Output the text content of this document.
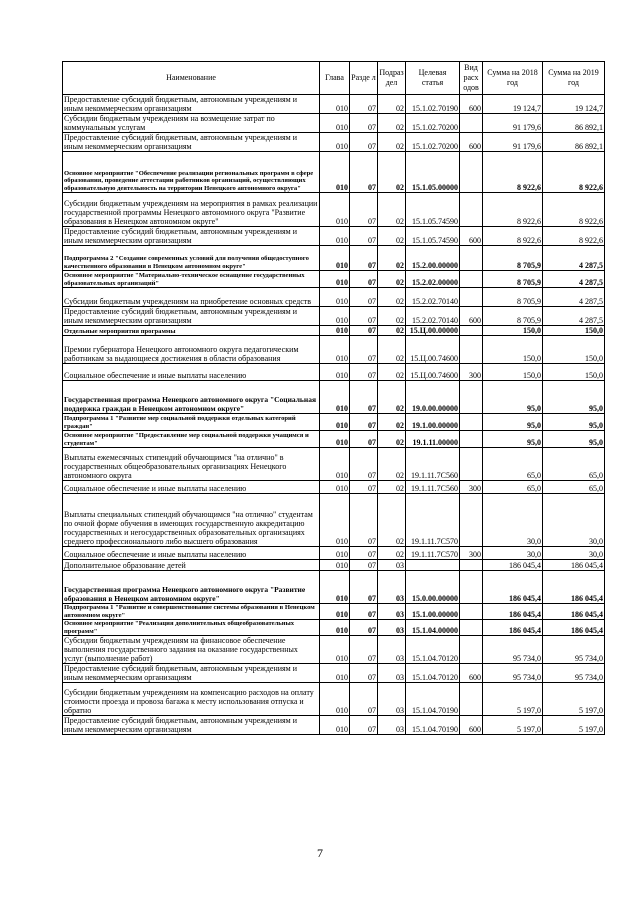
Наименование	Глава	Разде л	Подраз дел	Целевая статья	Вид расх одов	Сумма на 2018 год	Сумма на 2019 год
Предоставление субсидий бюджетным, автономным учреждениям и иным некоммерческим организациям	010	07	02	15.1.02.70190	600	19 124,7	19 124,7
Субсидии бюджетным учреждениям на возмещение затрат по коммунальным услугам	010	07	02	15.1.02.70200		91 179,6	86 892,1
Предоставление субсидий бюджетным, автономным учреждениям и иным некоммерческим организациям	010	07	02	15.1.02.70200	600	91 179,6	86 892,1
Основное мероприятие "Обеспечение реализации региональных программ в сфере образования, проведение аттестации работников организаций, осуществляющих образовательную деятельность на территории Ненецкого автономного округа"	010	07	02	15.1.05.00000		8 922,6	8 922,6
Субсидии бюджетным учреждениям на мероприятия в рамках реализации государственной программы Ненецкого автономного округа "Развитие образования в Ненецком автономном округе"	010	07	02	15.1.05.74590		8 922,6	8 922,6
Предоставление субсидий бюджетным, автономным учреждениям и иным некоммерческим организациям	010	07	02	15.1.05.74590	600	8 922,6	8 922,6
Подпрограмма 2 "Создание современных условий для получения общедоступного качественного образования в Ненецком автономном округе"	010	07	02	15.2.00.00000		8 705,9	4 287,5
Основное мероприятие "Материально-техническое оснащение государственных образовательных организаций"	010	07	02	15.2.02.00000		8 705,9	4 287,5
Субсидии бюджетным учреждениям на приобретение основных средств	010	07	02	15.2.02.70140		8 705,9	4 287,5
Предоставление субсидий бюджетным, автономным учреждениям и иным некоммерческим организациям	010	07	02	15.2.02.70140	600	8 705,9	4 287,5
Отдельные мероприятия программы	010	07	02	15.Ц.00.00000		150,0	150,0
Премии губернатора Ненецкого автономного округа педагогическим работникам за выдающиеся достижения в области образования	010	07	02	15.Ц.00.74600		150,0	150,0
Социальное обеспечение и иные выплаты населению	010	07	02	15.Ц.00.74600	300	150,0	150,0
Государственная программа Ненецкого автономного округа "Социальная поддержка граждан в Ненецком автономном округе"	010	07	02	19.0.00.00000		95,0	95,0
Подпрограмма 1 "Развитие мер социальной поддержки отдельных категорий граждан"	010	07	02	19.1.00.00000		95,0	95,0
Основное мероприятие "Предоставление мер социальной поддержки учащимся и студентам"	010	07	02	19.1.11.00000		95,0	95,0
Выплаты ежемесячных стипендий обучающимся "на отлично" в государственных общеобразовательных организациях Ненецкого автономного округа	010	07	02	19.1.11.7С560		65,0	65,0
Социальное обеспечение и иные выплаты населению	010	07	02	19.1.11.7С560	300	65,0	65,0
Выплаты специальных стипендий обучающимся "на отлично" студентам по очной форме обучения в имеющих государственную аккредитацию государственных и негосударственных образовательных организациях среднего профессионального либо высшего образования	010	07	02	19.1.11.7С570		30,0	30,0
Социальное обеспечение и иные выплаты населению	010	07	02	19.1.11.7С570	300	30,0	30,0
Дополнительное образование детей	010	07	03			186 045,4	186 045,4
Государственная программа Ненецкого автономного округа "Развитие образования в Ненецком автономном округе"	010	07	03	15.0.00.00000		186 045,4	186 045,4
Подпрограмма 1 "Развитие и совершенствование системы образования в Ненецком автономном округе"	010	07	03	15.1.00.00000		186 045,4	186 045,4
Основное мероприятие "Реализация дополнительных общеобразовательных программ"	010	07	03	15.1.04.00000		186 045,4	186 045,4
Субсидии бюджетным учреждениям на финансовое обеспечение выполнения государственного задания на оказание государственных услуг (выполнение работ)	010	07	03	15.1.04.70120		95 734,0	95 734,0
Предоставление субсидий бюджетным, автономным учреждениям и иным некоммерческим организациям	010	07	03	15.1.04.70120	600	95 734,0	95 734,0
Субсидии бюджетным учреждениям на компенсацию расходов на оплату стоимости проезда и провоза багажа к месту использования отпуска и обратно	010	07	03	15.1.04.70190		5 197,0	5 197,0
Предоставление субсидий бюджетным, автономным учреждениям и иным некоммерческим организациям	010	07	03	15.1.04.70190	600	5 197,0	5 197,0
7
